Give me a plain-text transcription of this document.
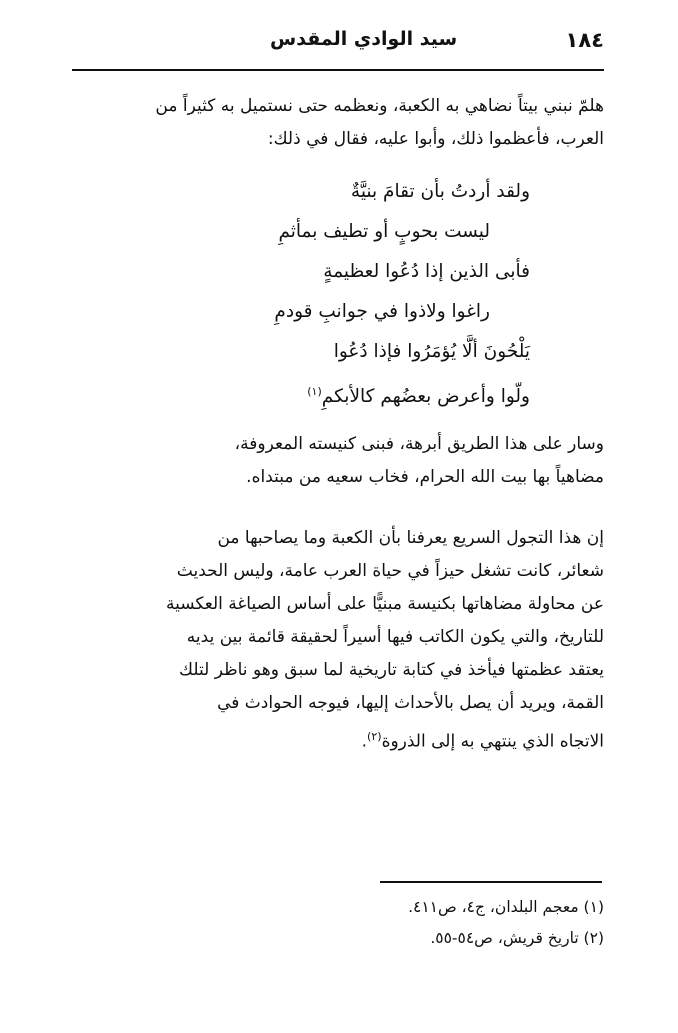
١٨٤
سيد الوادي المقدس

هلمّ نبني بيتاً نضاهي به الكعبة، ونعظمه حتى نستميل به كثيراً من

العرب، فأعظموا ذلك، وأبوا عليه، فقال في ذلك:

ولقد أردتُ بأن تقامَ بنيَّةٌ
ليست بحوبٍ أو تطيف بمأثمِ
فأبى الذين إذا دُعُوا لعظيمةٍ
راغوا ولاذوا في جوانبِ قودمِ
يَلْحُونَ ألَّا يُؤمَرُوا فإذا دُعُوا
ولّوا وأعرض بعضُهم كالأبكمِ$^{(١)}$

وسار على هذا الطريق أبرهة، فبنى كنيسته المعروفة،

مضاهياً بها بيت الله الحرام، فخاب سعيه من مبتداه.

إن هذا التجول السريع يعرفنا بأن الكعبة وما يصاحبها من

شعائر، كانت تشغل حيزاً في حياة العرب عامة، وليس الحديث

عن محاولة مضاهاتها بكنيسة مبنيًّا على أساس الصياغة العكسية

للتاريخ، والتي يكون الكاتب فيها أسيراً لحقيقة قائمة بين يديه

يعتقد عظمتها فيأخذ في كتابة تاريخية لما سبق وهو ناظر لتلك

القمة، ويريد أن يصل بالأحداث إليها، فيوجه الحوادث في

الاتجاه الذي ينتهي به إلى الذروة$^{(٢)}$.

(١) معجم البلدان، ج٤، ص٤١١.
(٢) تاريخ قريش، ص٥٤-٥٥.
